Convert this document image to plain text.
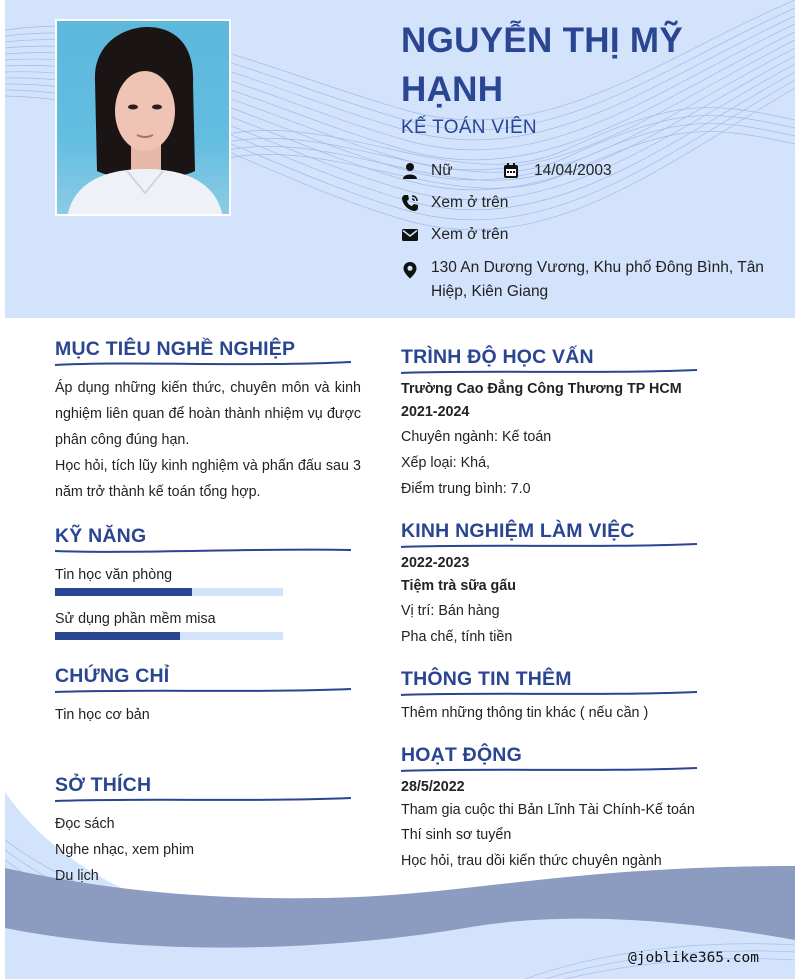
NGUYỄN THỊ MỸ HẠNH
KẾ TOÁN VIÊN
Nữ	14/04/2003
Xem ở trên
Xem ở trên
130 An Dương Vương, Khu phố Đông Bình, Tân Hiệp, Kiên Giang
MỤC TIÊU NGHỀ NGHIỆP
Áp dụng những kiến thức, chuyên môn và kinh nghiệm liên quan để hoàn thành nhiệm vụ được phân công đúng hạn.
Học hỏi, tích lũy kinh nghiệm và phấn đấu sau 3 năm trở thành kế toán tổng hợp.
KỸ NĂNG
Tin học văn phòng
Sử dụng phần mềm misa
CHỨNG CHỈ
Tin học cơ bản
SỞ THÍCH
Đọc sách
Nghe nhạc, xem phim
Du lịch
TRÌNH ĐỘ HỌC VẤN
Trường Cao Đẳng Công Thương TP HCM
2021-2024
Chuyên ngành: Kế toán
Xếp loại: Khá,
Điểm trung bình: 7.0
KINH NGHIỆM LÀM VIỆC
2022-2023
Tiệm trà sữa gấu
Vị trí: Bán hàng
Pha chế, tính tiền
THÔNG TIN THÊM
Thêm những thông tin khác ( nếu cần )
HOẠT ĐỘNG
28/5/2022
Tham gia cuộc thi Bản Lĩnh Tài Chính-Kế toán
Thí sinh sơ tuyển
Học hỏi, trau dồi kiến thức chuyên ngành
@joblike365.com
